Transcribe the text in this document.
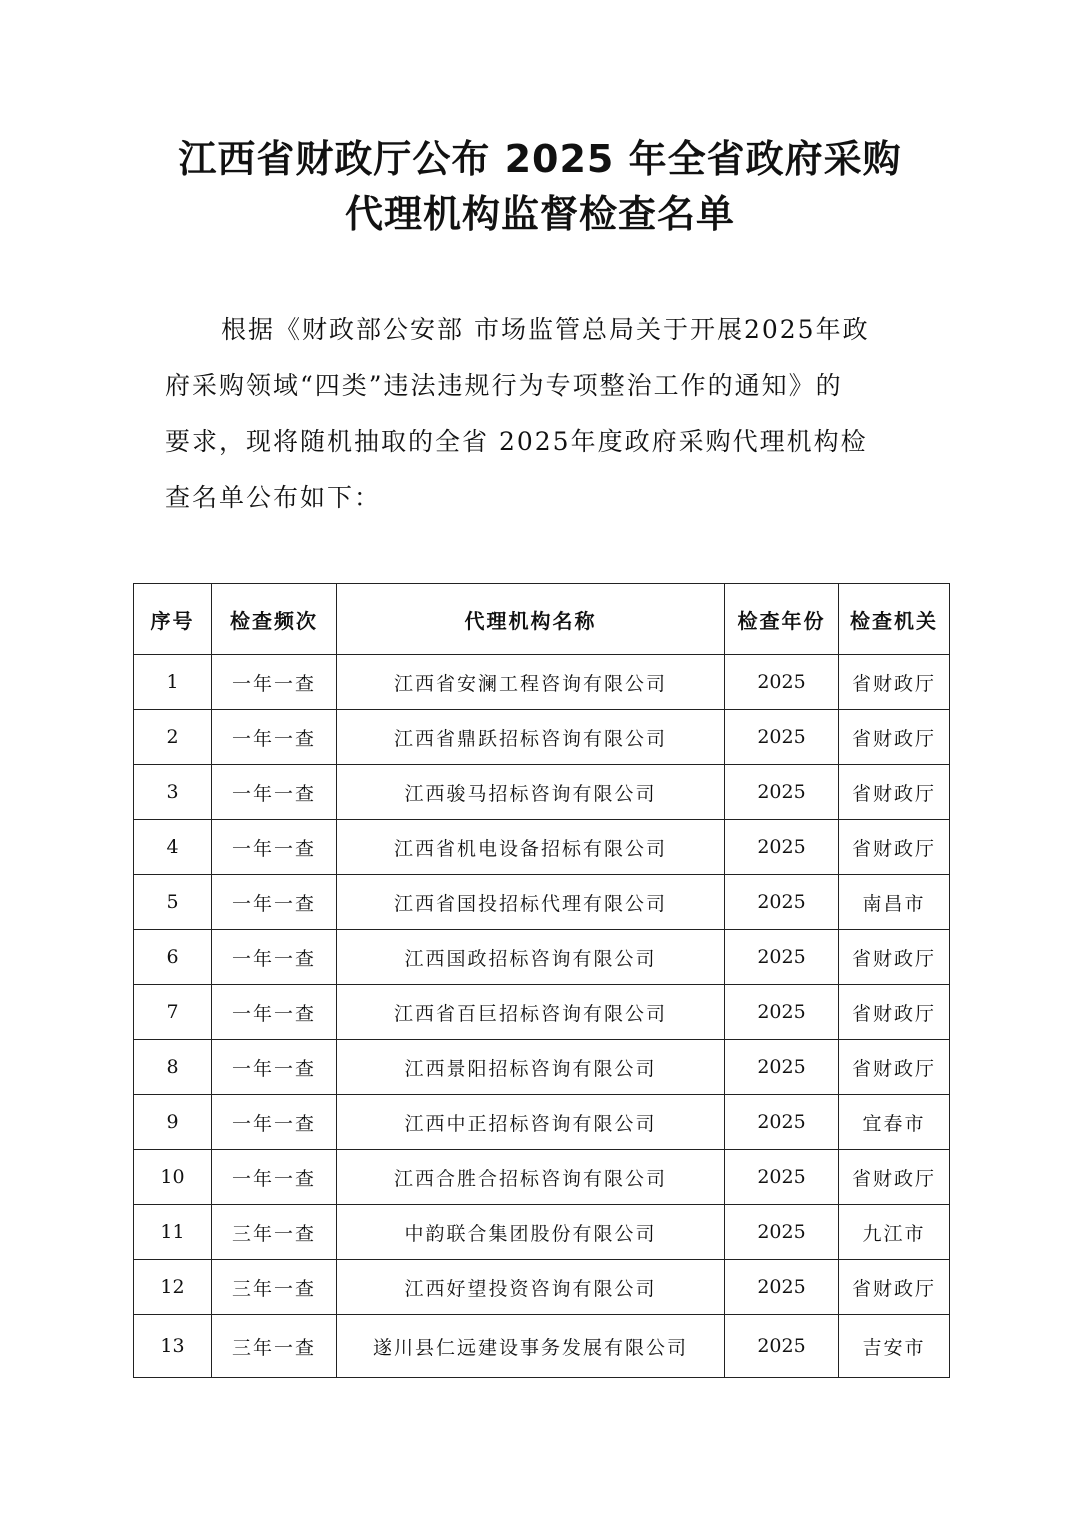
江西省财政厅公布 2025 年全省政府采购
代理机构监督检查名单
根据《财政部公安部 市场监管总局关于开展2025年政
府采购领域“四类”违法违规行为专项整治工作的通知》的
要求，现将随机抽取的全省 2025年度政府采购代理机构检
查名单公布如下：
序号	检查频次	代理机构名称	检查年份	检查机关
1	一年一查	江西省安澜工程咨询有限公司	2025	省财政厅
2	一年一查	江西省鼎跃招标咨询有限公司	2025	省财政厅
3	一年一查	江西骏马招标咨询有限公司	2025	省财政厅
4	一年一查	江西省机电设备招标有限公司	2025	省财政厅
5	一年一查	江西省国投招标代理有限公司	2025	南昌市
6	一年一查	江西国政招标咨询有限公司	2025	省财政厅
7	一年一查	江西省百巨招标咨询有限公司	2025	省财政厅
8	一年一查	江西景阳招标咨询有限公司	2025	省财政厅
9	一年一查	江西中正招标咨询有限公司	2025	宜春市
10	一年一查	江西合胜合招标咨询有限公司	2025	省财政厅
11	三年一查	中韵联合集团股份有限公司	2025	九江市
12	三年一查	江西好望投资咨询有限公司	2025	省财政厅
13	三年一查	遂川县仁远建设事务发展有限公司	2025	吉安市
